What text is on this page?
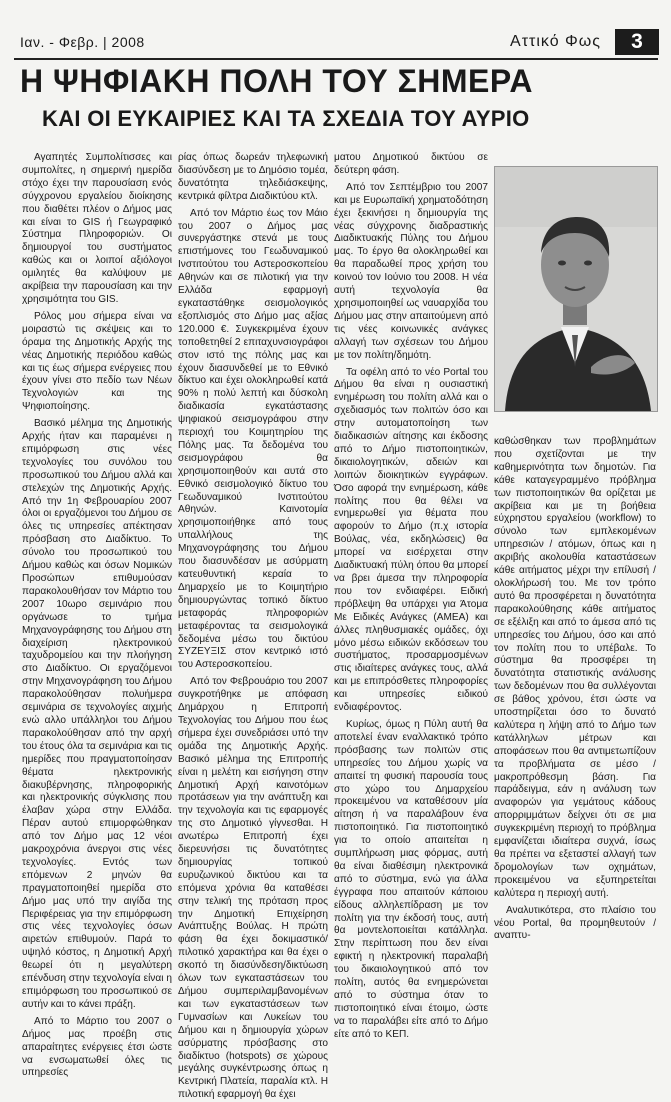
Ιαν. - Φεβρ. | 2008	Αττικό Φως	3
Η ΨΗΦΙΑΚΗ ΠΟΛΗ ΤΟΥ ΣΗΜΕΡΑ
ΚΑΙ ΟΙ ΕΥΚΑΙΡΙΕΣ ΚΑΙ ΤΑ ΣΧΕΔΙΑ ΤΟΥ ΑΥΡΙΟ

Αγαπητές Συμπολίτισσες και συμπολίτες, η σημερινή ημερίδα στόχο έχει την παρουσίαση ενός σύγχρονου εργαλείου διοίκησης που διαθέτει πλέον ο Δήμος μας και είναι το GIS ή Γεωγραφικό Σύστημα Πληροφοριών. Οι δημιουργοί του συστήματος καθώς και οι λοιποί αξιόλογοι ομιλητές θα καλύψουν με ακρίβεια την παρουσίαση και την χρησιμότητα του GIS.

Ρόλος μου σήμερα είναι να μοιραστώ τις σκέψεις και το όραμα της Δημοτικής Αρχής της νέας Δημοτικής περιόδου καθώς και τις έως σήμερα ενέργειες που έχουν γίνει στο πεδίο των Νέων Τεχνολογιών και της Ψηφιοποίησης.

Βασικό μέλημα της Δημοτικής Αρχής ήταν και παραμένει η επιμόρφωση στις νέες τεχνολογίες του συνόλου του προσωπικού του Δήμου αλλά και στελεχών της Δημοτικής Αρχής. Από την 1η Φεβρουαρίου 2007 όλοι οι εργαζόμενοι του Δήμου σε όλες τις υπηρεσίες απέκτησαν πρόσβαση στο Διαδίκτυο. Το σύνολο του προσωπικού του Δήμου καθώς και όσων Νομικών Προσώπων επιθυμούσαν παρακολουθήσαν τον Μάρτιο του 2007 10ωρο σεμινάριο που οργάνωσε το τμήμα Μηχανογράφησης του Δήμου στη διαχείριση ηλεκτρονικού ταχυδρομείου και την πλοήγηση στο Διαδίκτυο. Οι εργαζόμενοι στην Μηχανογράφηση του Δήμου παρακολούθησαν πολυήμερα σεμινάρια σε τεχνολογίες αιχμής ενώ αλλο υπάλληλοι του Δήμου παρακολούθησαν από την αρχή του έτους όλα τα σεμινάρια και τις ημερίδες που πραγματοποίησαν θέματα ηλεκτρονικής διακυβέρνησης, πληροφορικής και ηλεκτρονικής σύγκλισης που έλαβαν χώρα στην Ελλάδα. Πέραν αυτού επιμορφώθηκαν από τον Δήμο μας 12 νέοι μακροχρόνια άνεργοι στις νέες τεχνολογίες. Εντός των επόμενων 2 μηνών θα πραγματοποιηθεί ημερίδα στο Δήμο μας υπό την αιγίδα της Περιφέρειας για την επιμόρφωση στις νέες τεχνολογίες όσων αιρετών επιθυμούν. Παρά το υψηλό κόστος, η Δημοτική Αρχή θεωρεί ότι η μεγαλύτερη επένδυση στην τεχνολογία είναι η επιμόρφωση του προσωπικού σε αυτήν και το κάνει πράξη.

Από το Μάρτιο του 2007 ο Δήμος μας προέβη στις απαραίτητες ενέργειες έτσι ώστε να ενσωματωθεί όλες τις υπηρεσίες

ρίας όπως δωρεάν τηλεφωνική διασύνδεση με το Δημόσιο τομέα, δυνατότητα τηλεδιάσκεψης, κεντρικά φίλτρα Διαδικτύου κτλ.

Από τον Μάρτιο έως τον Μάιο του 2007 ο Δήμος μας συνεργάστηκε στενά με τους επιστήμονες του Γεωδυναμικού Ινστιτούτου του Αστεροσκοπείου Αθηνών και σε πιλοτική για την Ελλάδα εφαρμογή εγκαταστάθηκε σεισμολογικός εξοπλισμός στο Δήμο μας αξίας 120.000 €. Συγκεκριμένα έχουν τοποθετηθεί 2 επιταχυνσιογράφοι στον ιστό της πόλης μας και έχουν διασυνδεθεί με το Εθνικό δίκτυο και έχει ολοκληρωθεί κατά 90% η πολύ λεπτή και δύσκολη διαδικασία εγκατάστασης ψηφιακού σεισμογράφου στην περιοχή του Κοιμητηρίου της Πόλης μας. Τα δεδομένα του σεισμογράφου θα χρησιμοποιηθούν και αυτά στο Εθνικό σεισμολογικό δίκτυο του Γεωδυναμικού Ινστιτούτου Αθηνών. Καινοτομία χρησιμοποιήθηκε από τους υπαλλήλους της Μηχανογράφησης του Δήμου που διασυνδέσαν με ασύρματη κατευθυντική κεραία το Δημαρχείο με το Κοιμητήριο δημιουργώντας τοπικό δίκτυο μεταφοράς πληροφοριών μεταφέροντας τα σεισμολογικά δεδομένα μέσω του δικτύου ΣΥΖΕΥΞΙΣ στον κεντρικό ιστό του Αστεροσκοπείου.

Από τον Φεβρουάριο του 2007 συγκροτήθηκε με απόφαση Δημάρχου η Επιτροπή Τεχνολογίας του Δήμου που έως σήμερα έχει συνεδριάσει υπό την ομάδα της Δημοτικής Αρχής. Βασικό μέλημα της Επιτροπής είναι η μελέτη και εισήγηση στην Δημοτική Αρχή καινοτόμων προτάσεων για την ανάπτυξη και την τεχνολογία και τις εφαρμογές της στο Δημοτικό γίγνεσθαι. Η ανωτέρω Επιτροπή έχει διερευνήσει τις δυνατότητες δημιουργίας τοπικού ευρυζωνικού δικτύου και τα επόμενα χρόνια θα καταθέσει στην τελική της πρόταση προς την Δημοτική Επιχείρηση Ανάπτυξης Βούλας. Η πρώτη φάση θα έχει δοκιμαστικό/πιλοτικό χαρακτήρα και θα έχει ο σκοπό τη διασύνδεση/δικτύωση όλων των εγκαταστάσεων του Δήμου συμπεριλαμβανομένων και των εγκαταστάσεων των Γυμνασίων και Λυκείων του Δήμου και η δημιουργία χώρων ασύρματης πρόσβασης στο διαδίκτυο (hotspots) σε χώρους μεγάλης συγκέντρωσης όπως η Κεντρική Πλατεία, παραλία κτλ. Η πιλοτική εφαρμογή θα έχει

ματου Δημοτικού δικτύου σε δεύτερη φάση.

Από τον Σεπτέμβριο του 2007 και με Ευρωπαϊκή χρηματοδότηση έχει ξεκινήσει η δημιουργία της νέας σύγχρονης διαδραστικής Διαδικτυακής Πύλης του Δήμου μας. Το έργο θα ολοκληρωθεί και θα παραδωθεί προς χρήση του κοινού τον Ιούνιο του 2008. Η νέα αυτή τεχνολογία θα χρησιμοποιηθεί ως ναυαρχίδα του Δήμου μας στην απαιτούμενη από τις νέες κοινωνικές ανάγκες αλλαγή των σχέσεων του Δήμου με τον πολίτη/δημότη.

Τα οφέλη από το νέο Portal του Δήμου θα είναι η ουσιαστική ενημέρωση του πολίτη αλλά και ο σχεδιασμός των πολιτών όσο και στην αυτοματοποίηση των διαδικασιών αίτησης και έκδοσης από το Δήμο πιστοποιητικών, δικαιολογητικών, αδειών και λοιπών διοικητικών εγγράφων. Όσο αφορά την ενημέρωση, κάθε πολίτης που θα θέλει να ενημερωθεί για θέματα που αφορούν το Δήμο (π.χ ιστορία Βούλας, νέα, εκδηλώσεις) θα μπορεί να εισέρχεται στην Διαδικτυακή πύλη όπου θα μπορεί να βρει άμεσα την πληροφορία που τον ενδιαφέρει. Ειδική πρόβλεψη θα υπάρχει για Άτομα Με Ειδικές Ανάγκες (ΑΜΕΑ) και άλλες πληθυσμιακές ομάδες, όχι μόνο μέσω ειδικών εκδόσεων του συστήματος, προσαρμοσμένων στις ιδιαίτερες ανάγκες τους, αλλά και με επιπρόσθετες πληροφορίες και υπηρεσίες ειδικού ενδιαφέροντος.

Κυρίως, όμως η Πύλη αυτή θα αποτελεί έναν εναλλακτικό τρόπο πρόσβασης των πολιτών στις υπηρεσίες του Δήμου χωρίς να απαιτεί τη φυσική παρουσία τους στο χώρο του Δημαρχείου προκειμένου να καταθέσουν μία αίτηση ή να παραλάβουν ένα πιστοποιητικό. Για πιστοποιητικό για το οποίο απαιτείται η συμπλήρωση μιας φόρμας, αυτή θα είναι διαθέσιμη ηλεκτρονικά από το σύστημα, ενώ για άλλα έγγραφα που απαιτούν κάποιου είδους αλληλεπίδραση με τον πολίτη για την έκδοσή τους, αυτή θα μοντελοποιείται κατάλληλα. Στην περίπτωση που δεν είναι εφικτή η ηλεκτρονική παραλαβή του δικαιολογητικού από τον πολίτη, αυτός θα ενημερώνεται από το σύστημα όταν το πιστοποιητικό είναι έτοιμο, ώστε να το παραλάβει είτε από το Δήμο είτε από το ΚΕΠ.

καθώσθηκαν των προβλημάτων που σχετίζονται με την καθημερινότητα των δημοτών. Για κάθε καταγεγραμμένο πρόβλημα των πιστοποιητικών θα ορίζεται με ακρίβεια και με τη βοήθεια εύχρηστου εργαλείου (workflow) το σύνολο των εμπλεκομένων υπηρεσιών / ατόμων, όπως και η ακριβής ακολουθία καταστάσεων κάθε αιτήματος μέχρι την επίλυσή / ολοκλήρωσή του. Με τον τρόπο αυτό θα προσφέρεται η δυνατότητα παρακολούθησης κάθε αιτήματος σε εξέλιξη και από το άμεσα από τις υπηρεσίες του Δήμου, όσο και από τον πολίτη που το υπέβαλε. Το σύστημα θα προσφέρει τη δυνατότητα στατιστικής ανάλυσης των δεδομένων που θα συλλέγονται σε βάθος χρόνου, έτσι ώστε να υποστηρίζεται όσο το δυνατό καλύτερα η λήψη από το Δήμο των κατάλληλων μέτρων και αποφάσεων που θα αντιμετωπίζουν τα προβλήματα σε μέσο / μακροπρόθεσμη βάση. Για παράδειγμα, εάν η ανάλυση των αναφορών για γεμάτους κάδους απορριμμάτων δείχνει ότι σε μια συγκεκριμένη περιοχή το πρόβλημα εμφανίζεται ιδιαίτερα συχνά, ίσως θα πρέπει να εξεταστεί αλλαγή των δρομολογίων των οχημάτων, προκειμένου να εξυπηρετείται καλύτερα η περιοχή αυτή.

Αναλυτικότερα, στο πλαίσιο του νέου Portal, θα προμηθευτούν / αναπτυ-
